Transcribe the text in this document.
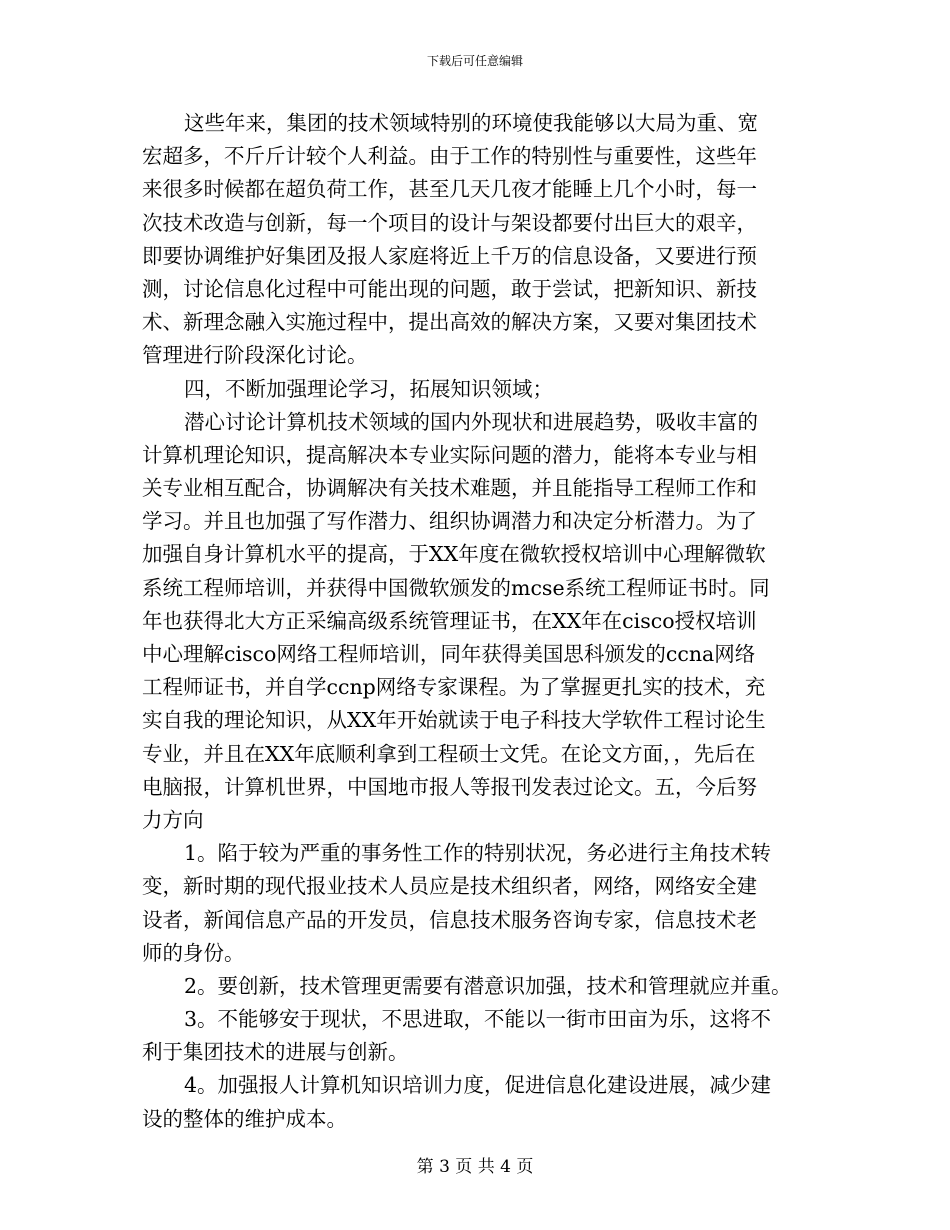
下载后可任意编辑
这些年来，集团的技术领域特别的环境使我能够以大局为重、宽
宏超多，不斤斤计较个人利益。由于工作的特别性与重要性，这些年
来很多时候都在超负荷工作，甚至几天几夜才能睡上几个小时，每一
次技术改造与创新，每一个项目的设计与架设都要付出巨大的艰辛，
即要协调维护好集团及报人家庭将近上千万的信息设备，又要进行预
测，讨论信息化过程中可能出现的问题，敢于尝试，把新知识、新技
术、新理念融入实施过程中，提出高效的解决方案，又要对集团技术
管理进行阶段深化讨论。
四，不断加强理论学习，拓展知识领域；
潜心讨论计算机技术领域的国内外现状和进展趋势，吸收丰富的
计算机理论知识，提高解决本专业实际问题的潜力，能将本专业与相
关专业相互配合，协调解决有关技术难题，并且能指导工程师工作和
学习。并且也加强了写作潜力、组织协调潜力和决定分析潜力。为了
加强自身计算机水平的提高，于XX年度在微软授权培训中心理解微软
系统工程师培训，并获得中国微软颁发的mcse系统工程师证书时。同
年也获得北大方正采编高级系统管理证书，在XX年在cisco授权培训
中心理解cisco网络工程师培训，同年获得美国思科颁发的ccna网络
工程师证书，并自学ccnp网络专家课程。为了掌握更扎实的技术，充
实自我的理论知识，从XX年开始就读于电子科技大学软件工程讨论生
专业，并且在XX年底顺利拿到工程硕士文凭。在论文方面，，先后在
电脑报，计算机世界，中国地市报人等报刊发表过论文。五，今后努
力方向
1。陷于较为严重的事务性工作的特别状况，务必进行主角技术转
变，新时期的现代报业技术人员应是技术组织者，网络，网络安全建
设者，新闻信息产品的开发员，信息技术服务咨询专家，信息技术老
师的身份。
2。要创新，技术管理更需要有潜意识加强，技术和管理就应并重。
3。不能够安于现状，不思进取，不能以一街市田亩为乐，这将不
利于集团技术的进展与创新。
4。加强报人计算机知识培训力度，促进信息化建设进展，减少建
设的整体的维护成本。
第 3 页 共 4 页
